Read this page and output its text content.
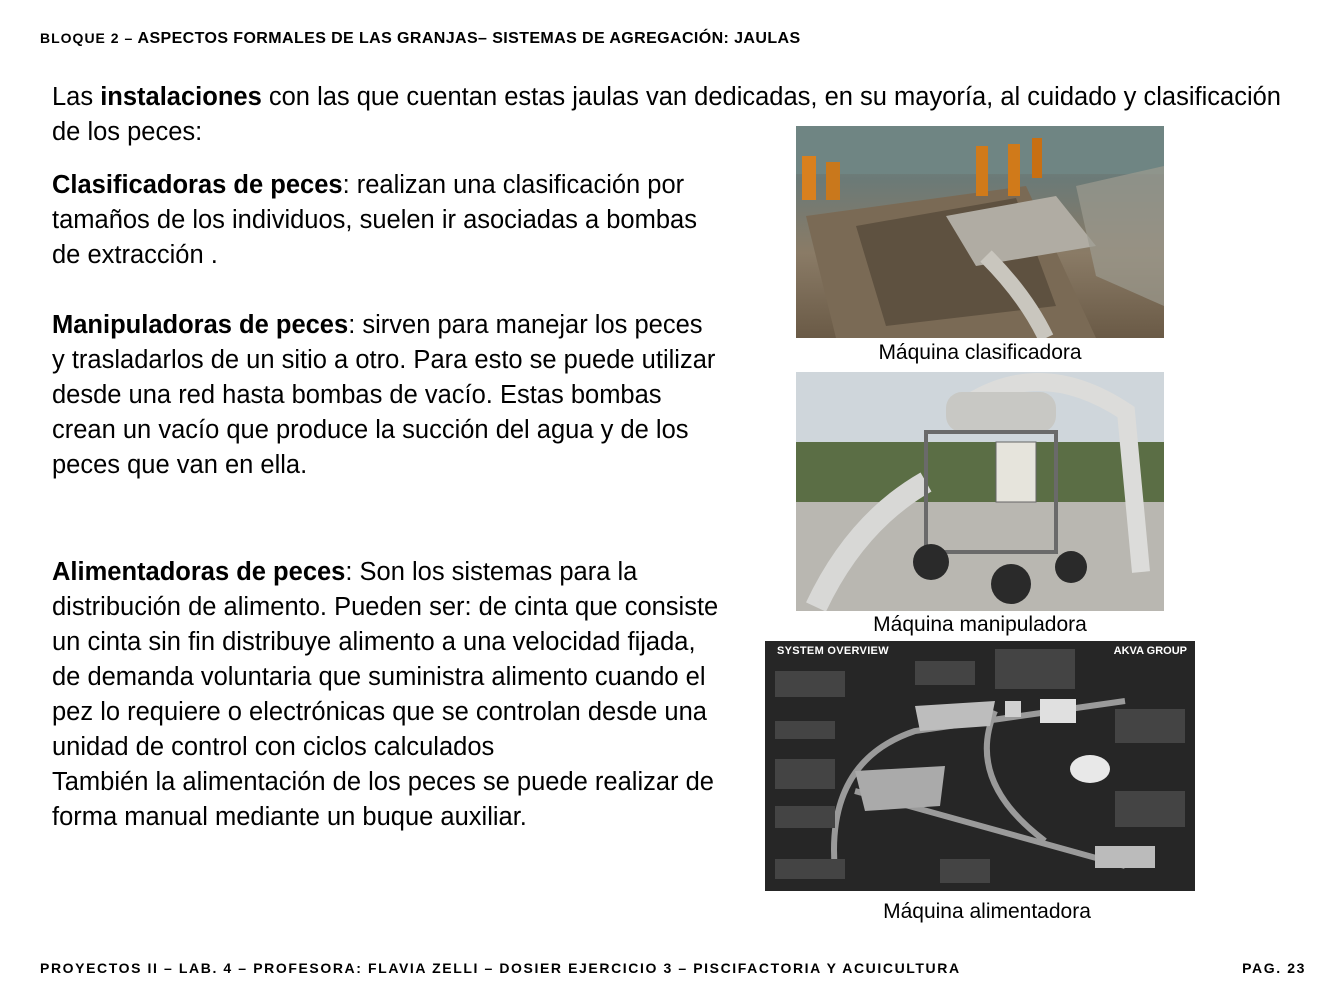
BLOQUE 2 – ASPECTOS FORMALES DE LAS GRANJAS– SISTEMAS DE AGREGACIÓN: JAULAS
Las instalaciones con las que cuentan estas jaulas van dedicadas, en su mayoría, al cuidado y clasificación de los peces:
Clasificadoras de peces: realizan una clasificación por tamaños de los individuos, suelen ir asociadas a bombas de extracción .
Manipuladoras de peces: sirven para manejar los peces y trasladarlos de un sitio a otro. Para esto se puede utilizar desde una red hasta bombas de vacío. Estas bombas crean un vacío que produce la succión del agua y de los peces que van en ella.
Alimentadoras de peces: Son los sistemas para la distribución de alimento. Pueden ser: de cinta que consiste un cinta sin fin distribuye alimento a una velocidad fijada, de demanda voluntaria que suministra alimento cuando el pez lo requiere o electrónicas que se controlan desde una unidad de control con ciclos calculados
También la alimentación de los peces se puede realizar de forma manual mediante un buque auxiliar.
Máquina clasificadora
Máquina manipuladora
SYSTEM OVERVIEW	AKVA GROUP
Máquina alimentadora
PROYECTOS II – LAB. 4 – PROFESORA: FLAVIA ZELLI – DOSIER EJERCICIO 3 – PISCIFACTORIA Y ACUICULTURA	PAG. 23
